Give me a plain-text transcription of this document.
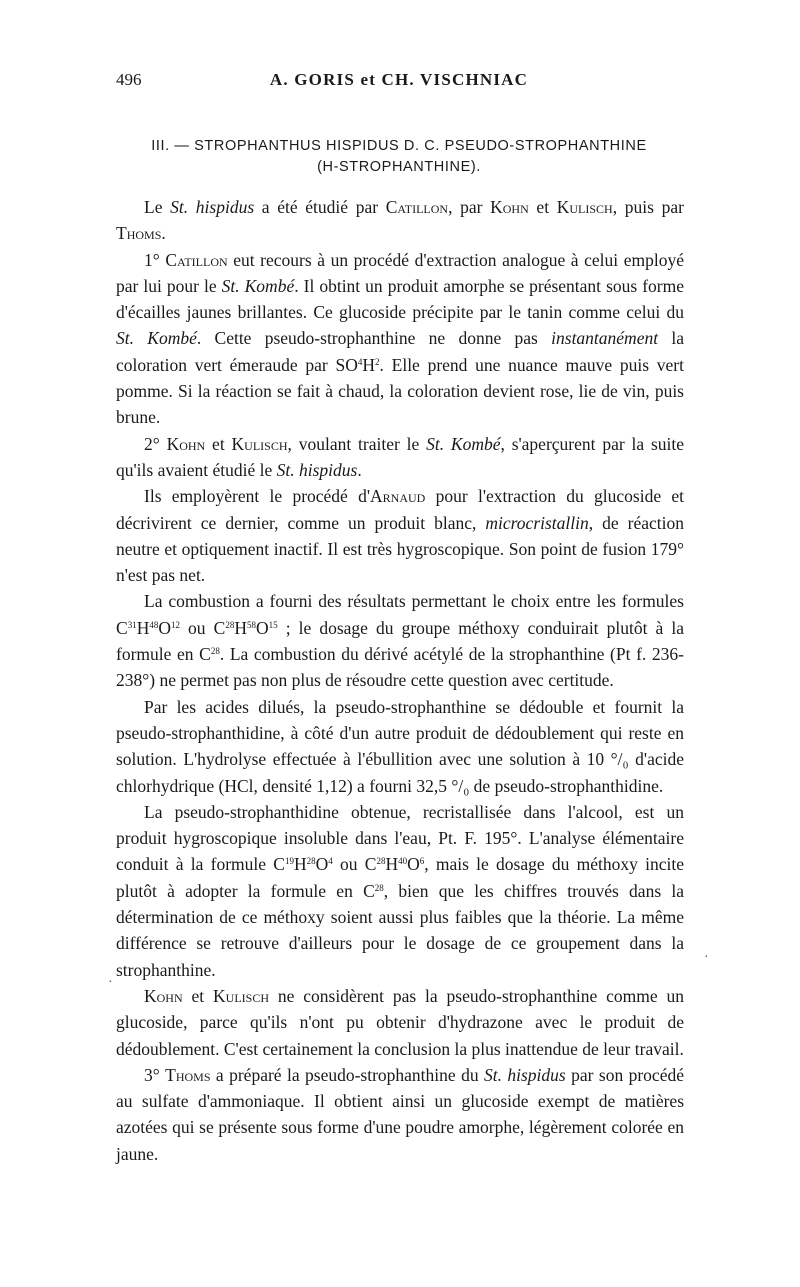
496	A. GORIS et CH. VISCHNIAC
III. — STROPHANTHUS HISPIDUS D. C. PSEUDO-STROPHANTHINE
(H-STROPHANTHINE).

Le St. hispidus a été étudié par Catillon, par Kohn et Kulisch, puis par Thoms.

1° Catillon eut recours à un procédé d'extraction analogue à celui employé par lui pour le St. Kombé. Il obtint un produit amorphe se présentant sous forme d'écailles jaunes brillantes. Ce glucoside précipite par le tanin comme celui du St. Kombé. Cette pseudo-strophanthine ne donne pas instantanément la coloration vert émeraude par $SO^4H^2$. Elle prend une nuance mauve puis vert pomme. Si la réaction se fait à chaud, la coloration devient rose, lie de vin, puis brune.

2° Kohn et Kulisch, voulant traiter le St. Kombé, s'aperçurent par la suite qu'ils avaient étudié le St. hispidus.

Ils employèrent le procédé d'Arnaud pour l'extraction du glucoside et décrivirent ce dernier, comme un produit blanc, microcristallin, de réaction neutre et optiquement inactif. Il est très hygroscopique. Son point de fusion 179° n'est pas net.

La combustion a fourni des résultats permettant le choix entre les formules $C^{31}H^{48}O^{12}$ ou $C^{28}H^{58}O^{15}$ ; le dosage du groupe méthoxy conduirait plutôt à la formule en $C^{28}$. La combustion du dérivé acétylé de la strophanthine (Pt f. 236-238°) ne permet pas non plus de résoudre cette question avec certitude.

Par les acides dilués, la pseudo-strophanthine se dédouble et fournit la pseudo-strophanthidine, à côté d'un autre produit de dédoublement qui reste en solution. L'hydrolyse effectuée à l'ébullition avec une solution à 10 °/₀ d'acide chlorhydrique (HCl, densité 1,12) a fourni 32,5 °/₀ de pseudo-strophanthidine.

La pseudo-strophanthidine obtenue, recristallisée dans l'alcool, est un produit hygroscopique insoluble dans l'eau, Pt. F. 195°. L'analyse élémentaire conduit à la formule $C^{19}H^{28}O^4$ ou $C^{28}H^{40}O^6$, mais le dosage du méthoxy incite plutôt à adopter la formule en $C^{28}$, bien que les chiffres trouvés dans la détermination de ce méthoxy soient aussi plus faibles que la théorie. La même différence se retrouve d'ailleurs pour le dosage de ce groupement dans la strophanthine.

Kohn et Kulisch ne considèrent pas la pseudo-strophanthine comme un glucoside, parce qu'ils n'ont pu obtenir d'hydrazone avec le produit de dédoublement. C'est certainement la conclusion la plus inattendue de leur travail.

3° Thoms a préparé la pseudo-strophanthine du St. hispidus par son procédé au sulfate d'ammoniaque. Il obtient ainsi un glucoside exempt de matières azotées qui se présente sous forme d'une poudre amorphe, légèrement colorée en jaune.

·
·
